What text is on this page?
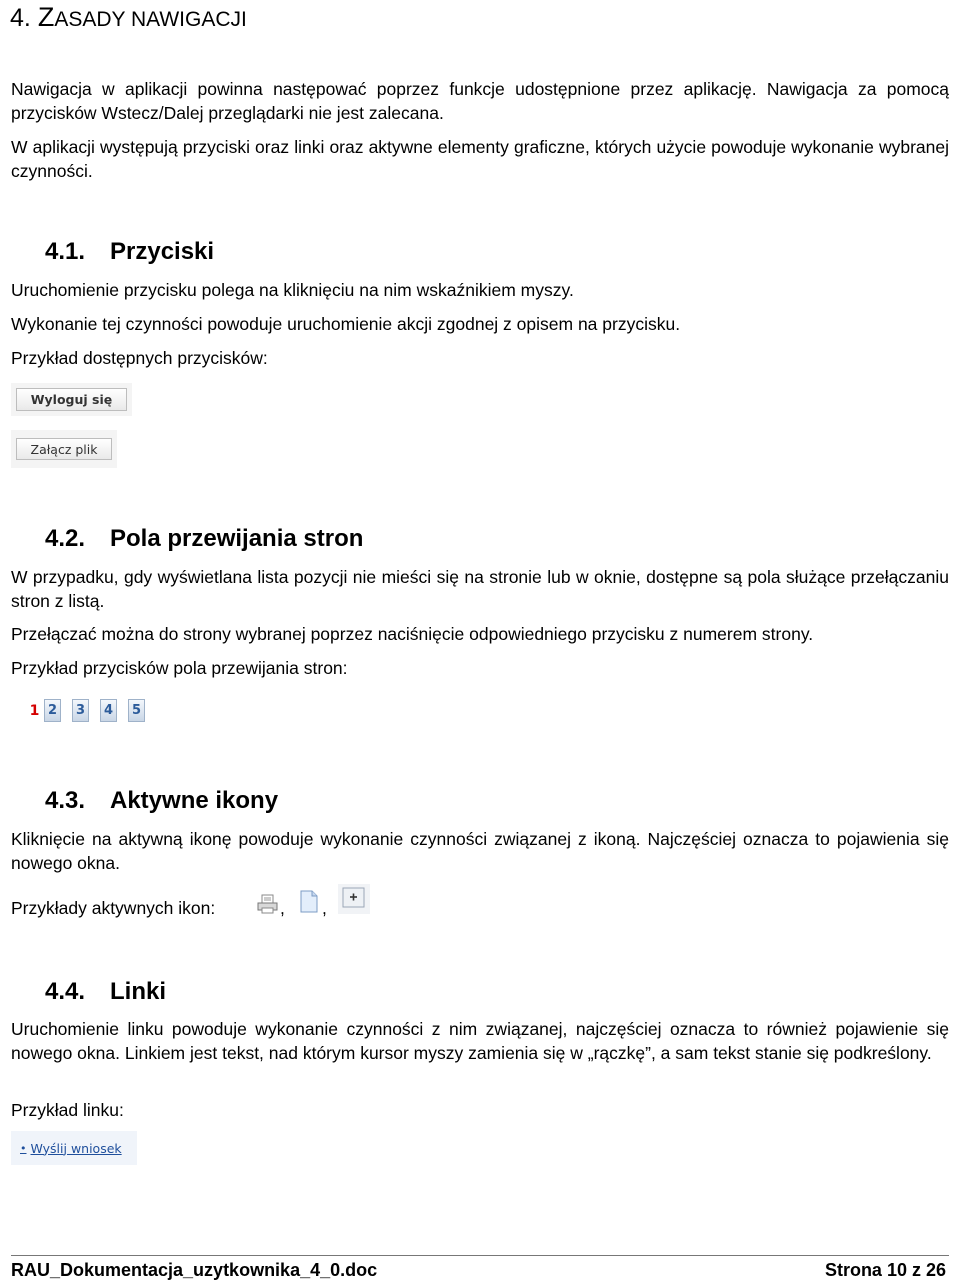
4. ZASADY NAWIGACJI

Nawigacja w aplikacji powinna następować poprzez funkcje udostępnione przez aplikację. Nawigacja za pomocą przycisków Wstecz/Dalej przeglądarki nie jest zalecana.

W aplikacji występują przyciski oraz linki oraz aktywne elementy graficzne, których użycie powoduje wykonanie wybranej czynności.

4.1. Przyciski

Uruchomienie przycisku polega na kliknięciu na nim wskaźnikiem myszy.

Wykonanie tej czynności powoduje uruchomienie akcji zgodnej z opisem na przycisku.

Przykład dostępnych przycisków:

Wyloguj się
Załącz plik
4.2. Pola przewijania stron

W przypadku, gdy wyświetlana lista pozycji nie mieści się na stronie lub w oknie, dostępne są pola służące przełączaniu stron z listą.

Przełączać można do strony wybranej poprzez naciśnięcie odpowiedniego przycisku z numerem strony.

Przykład przycisków pola przewijania stron:

1 2	3	4	5
4.3. Aktywne ikony

Kliknięcie na aktywną ikonę powoduje wykonanie czynności związanej z ikoną. Najczęściej oznacza to pojawienia się nowego okna.

Przykłady aktywnych ikon:	, ,
4.4. Linki

Uruchomienie linku powoduje wykonanie czynności z nim związanej, najczęściej oznacza to również pojawienie się nowego okna. Linkiem jest tekst, nad którym kursor myszy zamienia się w „rączkę”, a sam tekst stanie się podkreślony.

Przykład linku:

• Wyślij wniosek
RAU_Dokumentacja_uzytkownika_4_0.doc	Strona 10 z 26
